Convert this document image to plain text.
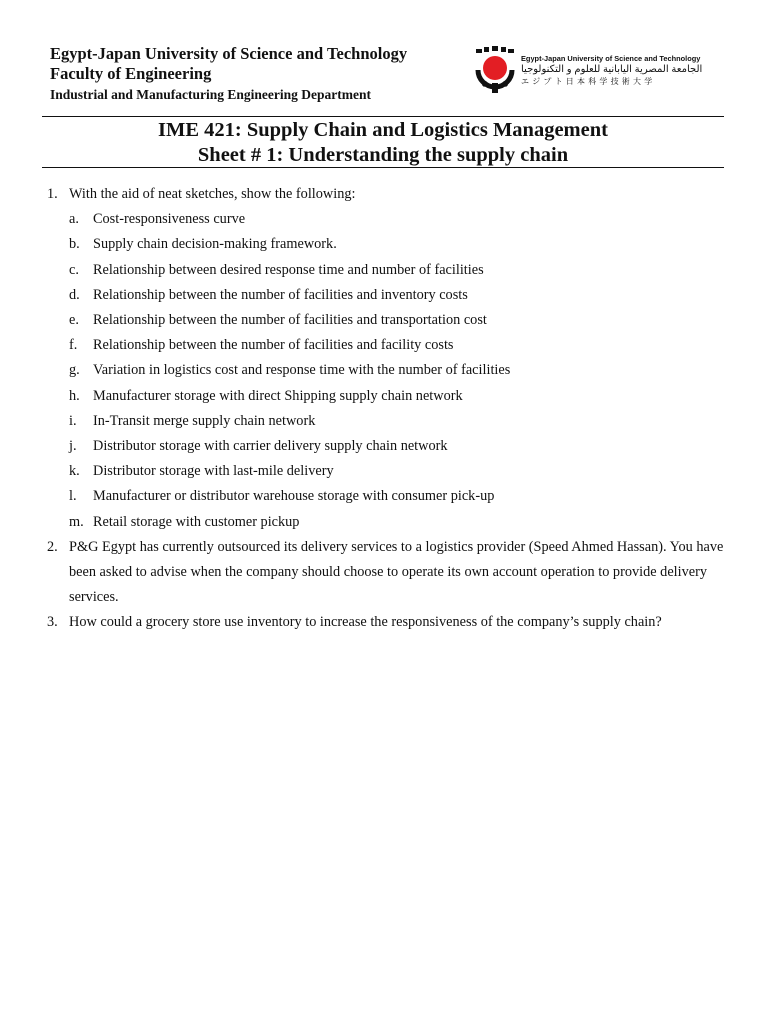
Egypt-Japan University of Science and Technology
Faculty of Engineering
Industrial and Manufacturing Engineering Department
Egypt-Japan University of Science and Technology
الجامعة المصرية اليابانية للعلوم و التكنولوجيا
エジプト日本科学技術大学
IME 421: Supply Chain and Logistics Management
Sheet # 1: Understanding the supply chain
1. With the aid of neat sketches, show the following:
a. Cost-responsiveness curve
b. Supply chain decision-making framework.
c. Relationship between desired response time and number of facilities
d. Relationship between the number of facilities and inventory costs
e. Relationship between the number of facilities and transportation cost
f.	Relationship between the number of facilities and facility costs
g. Variation in logistics cost and response time with the number of facilities
h. Manufacturer storage with direct Shipping supply chain network
i.	In-Transit merge supply chain network
j.	Distributor storage with carrier delivery supply chain network
k. Distributor storage with last-mile delivery
l.	Manufacturer or distributor warehouse storage with consumer pick-up
m. Retail storage with customer pickup
2. P&G Egypt has currently outsourced its delivery services to a logistics provider (Speed Ahmed Hassan). You have been asked to advise when the company should choose to operate its own account operation to provide delivery services.
3. How could a grocery store use inventory to increase the responsiveness of the company’s supply chain?
